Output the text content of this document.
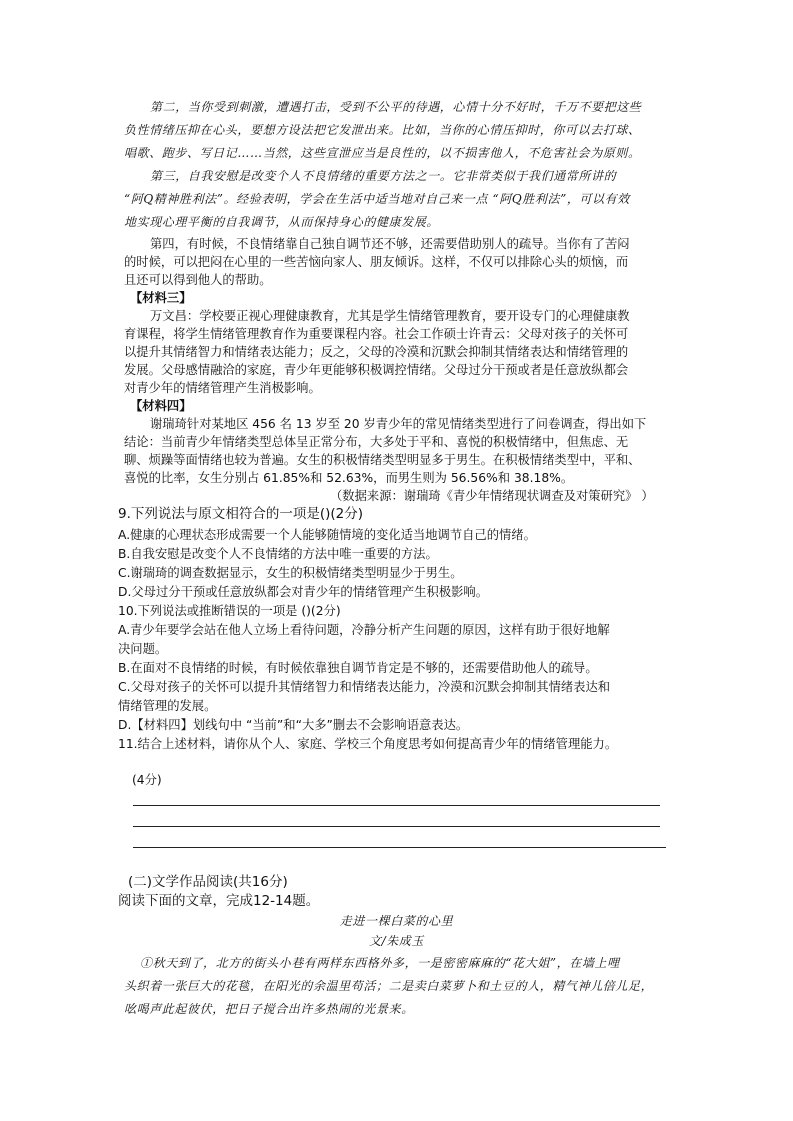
第二，当你受到刺激，遭遇打击，受到不公平的待遇，心情十分不好时，千万不要把这些
负性情绪压抑在心头，要想方设法把它发泄出来。比如，当你的心情压抑时，你可以去打球、
唱歌、跑步、写日记……当然，这些宣泄应当是良性的，以不损害他人，不危害社会为原则。
第三，自我安慰是改变个人不良情绪的重要方法之一。它非常类似于我们通常所讲的
“阿Q精神胜利法”。经验表明，学会在生活中适当地对自己来一点 “阿Q胜利法”，可以有效
地实现心理平衡的自我调节，从而保持身心的健康发展。
第四，有时候，不良情绪靠自己独自调节还不够，还需要借助别人的疏导。当你有了苦闷
的时候，可以把闷在心里的一些苦恼向家人、朋友倾诉。这样，不仅可以排除心头的烦恼，而
且还可以得到他人的帮助。
【材料三】
万文昌：学校要正视心理健康教育，尤其是学生情绪管理教育，要开设专门的心理健康教
育课程，将学生情绪管理教育作为重要课程内容。社会工作硕士许青云：父母对孩子的关怀可
以提升其情绪智力和情绪表达能力；反之，父母的冷漠和沉默会抑制其情绪表达和情绪管理的
发展。父母感情融洽的家庭，青少年更能够积极调控情绪。父母过分干预或者是任意放纵都会
对青少年的情绪管理产生消极影响。
【材料四】
谢瑞琦针对某地区 456 名 13 岁至 20 岁青少年的常见情绪类型进行了问卷调查，得出如下
结论：当前青少年情绪类型总体呈正常分布，大多处于平和、喜悦的积极情绪中，但焦虑、无
聊、烦躁等面情绪也较为普遍。女生的积极情绪类型明显多于男生。在积极情绪类型中，平和、
喜悦的比率，女生分别占 61.85%和 52.63%，而男生则为 56.56%和 38.18%。
（数据来源：谢瑞琦《青少年情绪现状调查及对策研究》 ）
9.下列说法与原文相符合的一项是()(2分)
A.健康的心理状态形成需要一个人能够随情境的变化适当地调节自己的情绪。
B.自我安慰是改变个人不良情绪的方法中唯一重要的方法。
C.谢瑞琦的调查数据显示，女生的积极情绪类型明显少于男生。
D.父母过分干预或任意放纵都会对青少年的情绪管理产生积极影响。
10.下列说法或推断错误的一项是 ()(2分)
A.青少年要学会站在他人立场上看待问题，冷静分析产生问题的原因，这样有助于很好地解
决问题。
B.在面对不良情绪的时候，有时候依靠独自调节肯定是不够的，还需要借助他人的疏导。
C.父母对孩子的关怀可以提升其情绪智力和情绪表达能力，冷漠和沉默会抑制其情绪表达和
情绪管理的发展。
D.【材料四】划线句中 “当前”和“大多”删去不会影响语意表达。
11.结合上述材料，请你从个人、家庭、学校三个角度思考如何提高青少年的情绪管理能力。
(4分)
(二)文学作品阅读(共16分)
阅读下面的文章，完成12-14题。
走进一棵白菜的心里
文/朱成玉
①秋天到了，北方的街头小巷有两样东西格外多，一是密密麻麻的“花大姐”，在墙上哩
头织着一张巨大的花毯，在阳光的余温里苟活；二是卖白菜萝卜和土豆的人，精气神儿倍儿足，
吆喝声此起彼伏，把日子搅合出许多热闹的光景来。
